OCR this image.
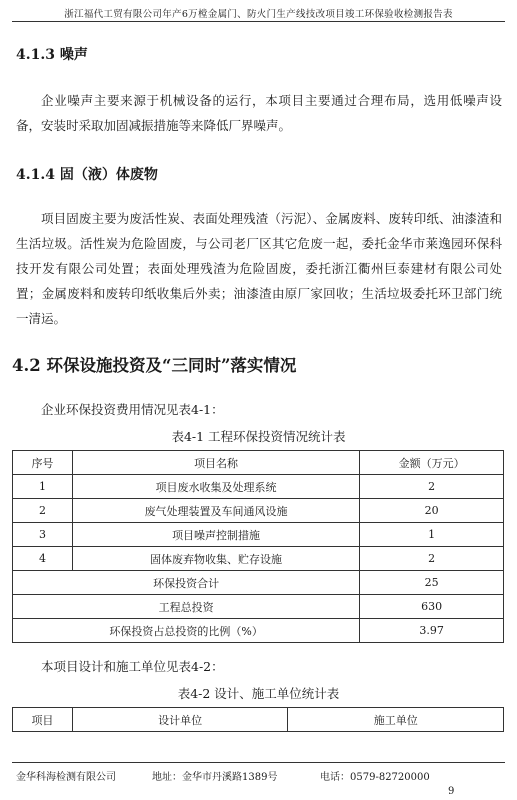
浙江福代工贸有限公司年产6万樘金属门、防火门生产线技改项目竣工环保验收检测报告表
4.1.3 噪声
企业噪声主要来源于机械设备的运行，本项目主要通过合理布局，选用低噪声设备，安装时采取加固减振措施等来降低厂界噪声。
4.1.4 固（液）体废物
项目固废主要为废活性炭、表面处理残渣（污泥）、金属废料、废转印纸、油漆渣和生活垃圾。活性炭为危险固废，与公司老厂区其它危废一起，委托金华市莱逸园环保科技开发有限公司处置；表面处理残渣为危险固废，委托浙江衢州巨泰建材有限公司处置；金属废料和废转印纸收集后外卖；油漆渣由原厂家回收；生活垃圾委托环卫部门统一清运。
4.2 环保设施投资及“三同时”落实情况
企业环保投资费用情况见表4-1：
表4-1 工程环保投资情况统计表
序号	项目名称	金额（万元）
1	项目废水收集及处理系统	2
2	废气处理装置及车间通风设施	20
3	项目噪声控制措施	1
4	固体废弃物收集、贮存设施	2
环保投资合计		25
工程总投资		630
环保投资占总投资的比例（%）		3.97
本项目设计和施工单位见表4-2：
表4-2 设计、施工单位统计表
项目	设计单位	施工单位
金华科海检测有限公司	地址：金华市丹溪路1389号	电话：0579-82720000
9
